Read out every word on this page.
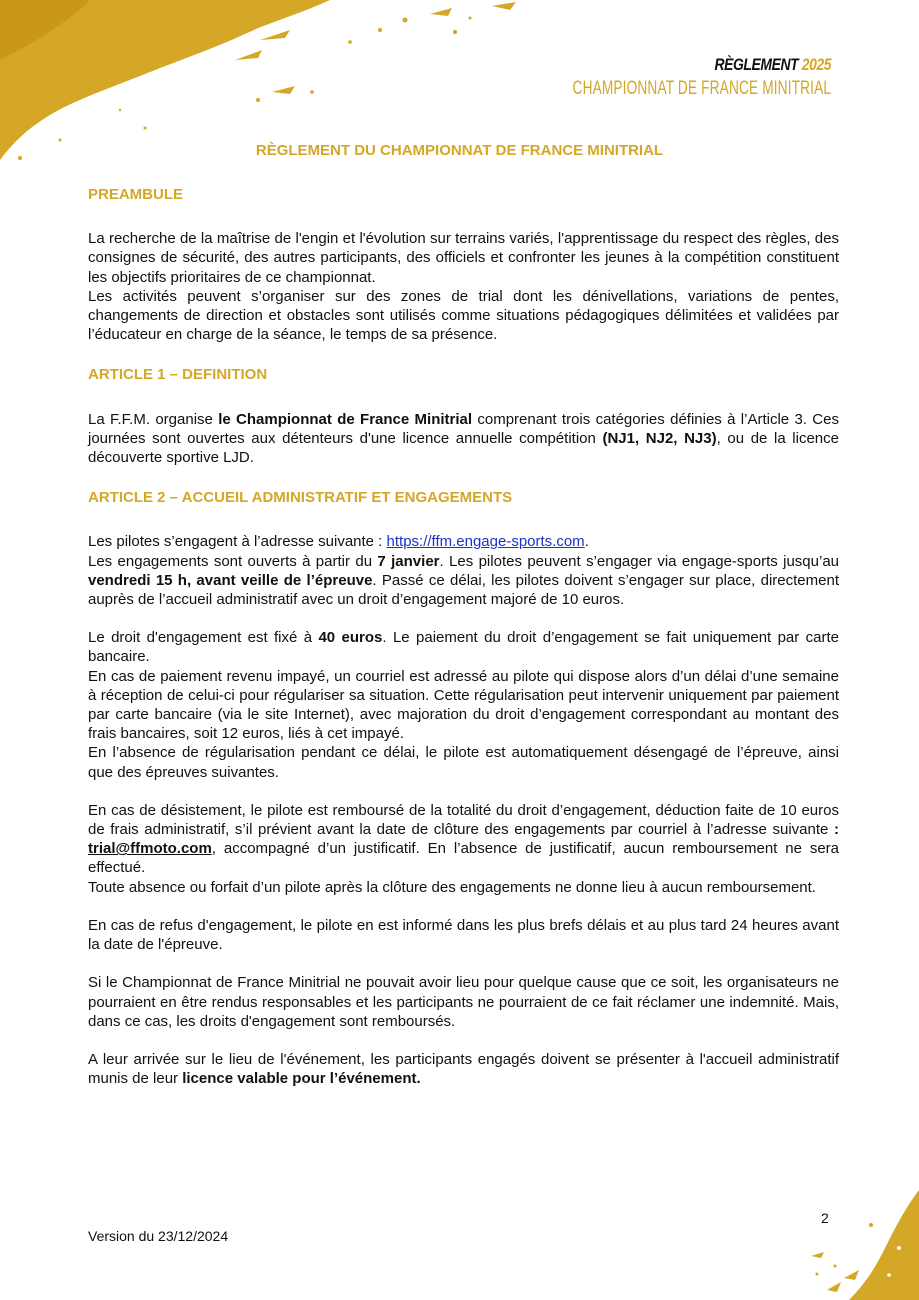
RÈGLEMENT 2025
CHAMPIONNAT DE FRANCE MINITRIAL
RÈGLEMENT DU CHAMPIONNAT DE FRANCE MINITRIAL

PREAMBULE

La recherche de la maîtrise de l'engin et l'évolution sur terrains variés, l'apprentissage du respect des règles, des consignes de sécurité, des autres participants, des officiels et confronter les jeunes à la compétition constituent les objectifs prioritaires de ce championnat.

Les activités peuvent s’organiser sur des zones de trial dont les dénivellations, variations de pentes, changements de direction et obstacles sont utilisés comme situations pédagogiques délimitées et validées par l’éducateur en charge de la séance, le temps de sa présence.

ARTICLE 1 – DEFINITION

La F.F.M. organise le Championnat de France Minitrial comprenant trois catégories définies à l’Article 3. Ces journées sont ouvertes aux détenteurs d'une licence annuelle compétition (NJ1, NJ2, NJ3), ou de la licence découverte sportive LJD.

ARTICLE 2 – ACCUEIL ADMINISTRATIF ET ENGAGEMENTS

Les pilotes s’engagent à l’adresse suivante : https://ffm.engage-sports.com.

Les engagements sont ouverts à partir du 7 janvier. Les pilotes peuvent s’engager via engage-sports jusqu’au vendredi 15 h, avant veille de l’épreuve. Passé ce délai, les pilotes doivent s’engager sur place, directement auprès de l’accueil administratif avec un droit d’engagement majoré de 10 euros.

Le droit d'engagement est fixé à 40 euros. Le paiement du droit d’engagement se fait uniquement par carte bancaire.

En cas de paiement revenu impayé, un courriel est adressé au pilote qui dispose alors d’un délai d’une semaine à réception de celui-ci pour régulariser sa situation. Cette régularisation peut intervenir uniquement par paiement par carte bancaire (via le site Internet), avec majoration du droit d’engagement correspondant au montant des frais bancaires, soit 12 euros, liés à cet impayé.

En l’absence de régularisation pendant ce délai, le pilote est automatiquement désengagé de l’épreuve, ainsi que des épreuves suivantes.

En cas de désistement, le pilote est remboursé de la totalité du droit d’engagement, déduction faite de 10 euros de frais administratif, s’il prévient avant la date de clôture des engagements par courriel à l’adresse suivante : trial@ffmoto.com, accompagné d’un justificatif. En l’absence de justificatif, aucun remboursement ne sera effectué.

Toute absence ou forfait d’un pilote après la clôture des engagements ne donne lieu à aucun remboursement.

En cas de refus d'engagement, le pilote en est informé dans les plus brefs délais et au plus tard 24 heures avant la date de l'épreuve.

Si le Championnat de France Minitrial ne pouvait avoir lieu pour quelque cause que ce soit, les organisateurs ne pourraient en être rendus responsables et les participants ne pourraient de ce fait réclamer une indemnité. Mais, dans ce cas, les droits d'engagement sont remboursés.

A leur arrivée sur le lieu de l'événement, les participants engagés doivent se présenter à l'accueil administratif munis de leur licence valable pour l’événement.

Version du 23/12/2024
2
